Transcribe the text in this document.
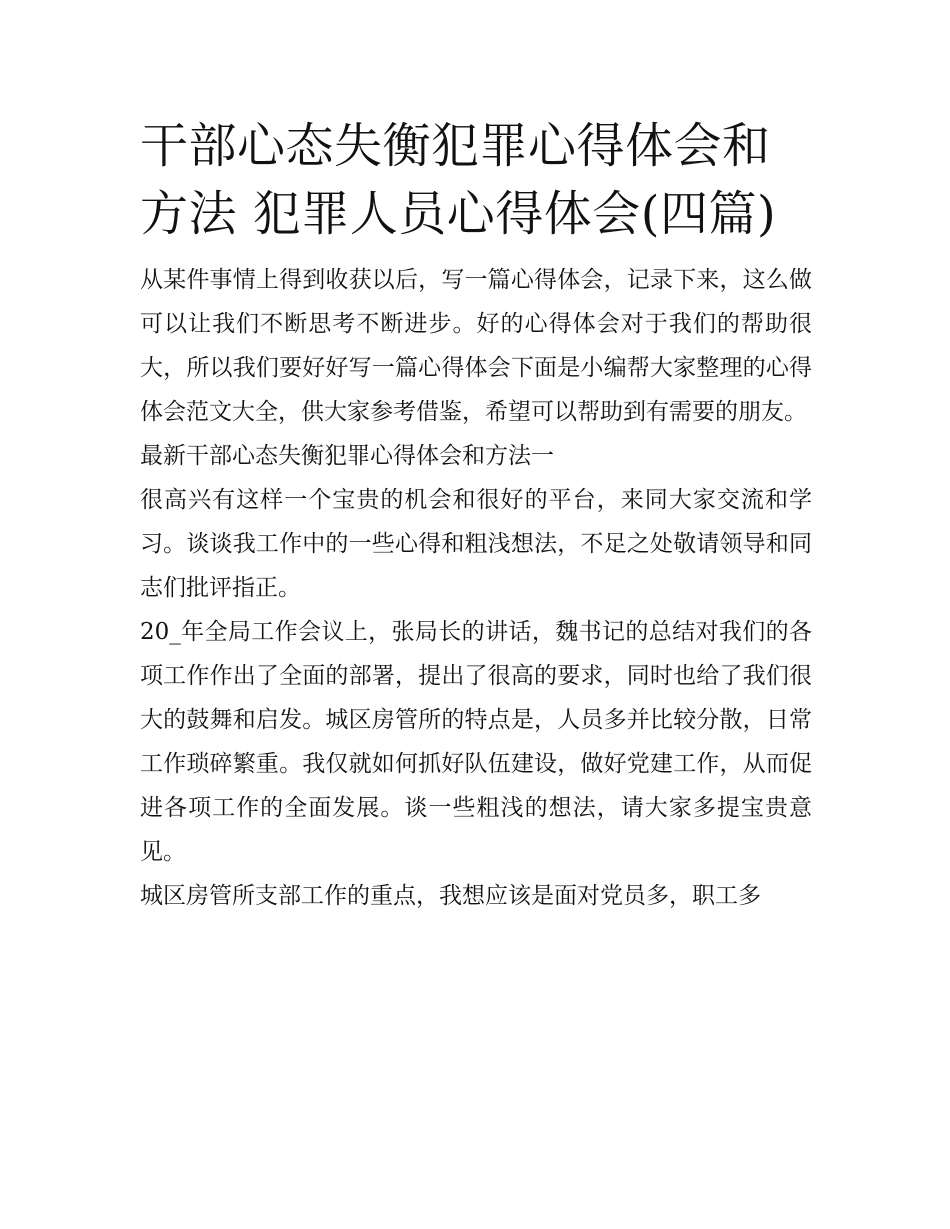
干部心态失衡犯罪心得体会和方法 犯罪人员心得体会(四篇)

从某件事情上得到收获以后，写一篇心得体会，记录下来，这么做可以让我们不断思考不断进步。好的心得体会对于我们的帮助很大，所以我们要好好写一篇心得体会下面是小编帮大家整理的心得体会范文大全，供大家参考借鉴，希望可以帮助到有需要的朋友。

最新干部心态失衡犯罪心得体会和方法一

很高兴有这样一个宝贵的机会和很好的平台，来同大家交流和学习。谈谈我工作中的一些心得和粗浅想法，不足之处敬请领导和同志们批评指正。

20_年全局工作会议上，张局长的讲话，魏书记的总结对我们的各项工作作出了全面的部署，提出了很高的要求，同时也给了我们很大的鼓舞和启发。城区房管所的特点是，人员多并比较分散，日常工作琐碎繁重。我仅就如何抓好队伍建设，做好党建工作，从而促进各项工作的全面发展。谈一些粗浅的想法，请大家多提宝贵意见。

城区房管所支部工作的重点，我想应该是面对党员多，职工多
